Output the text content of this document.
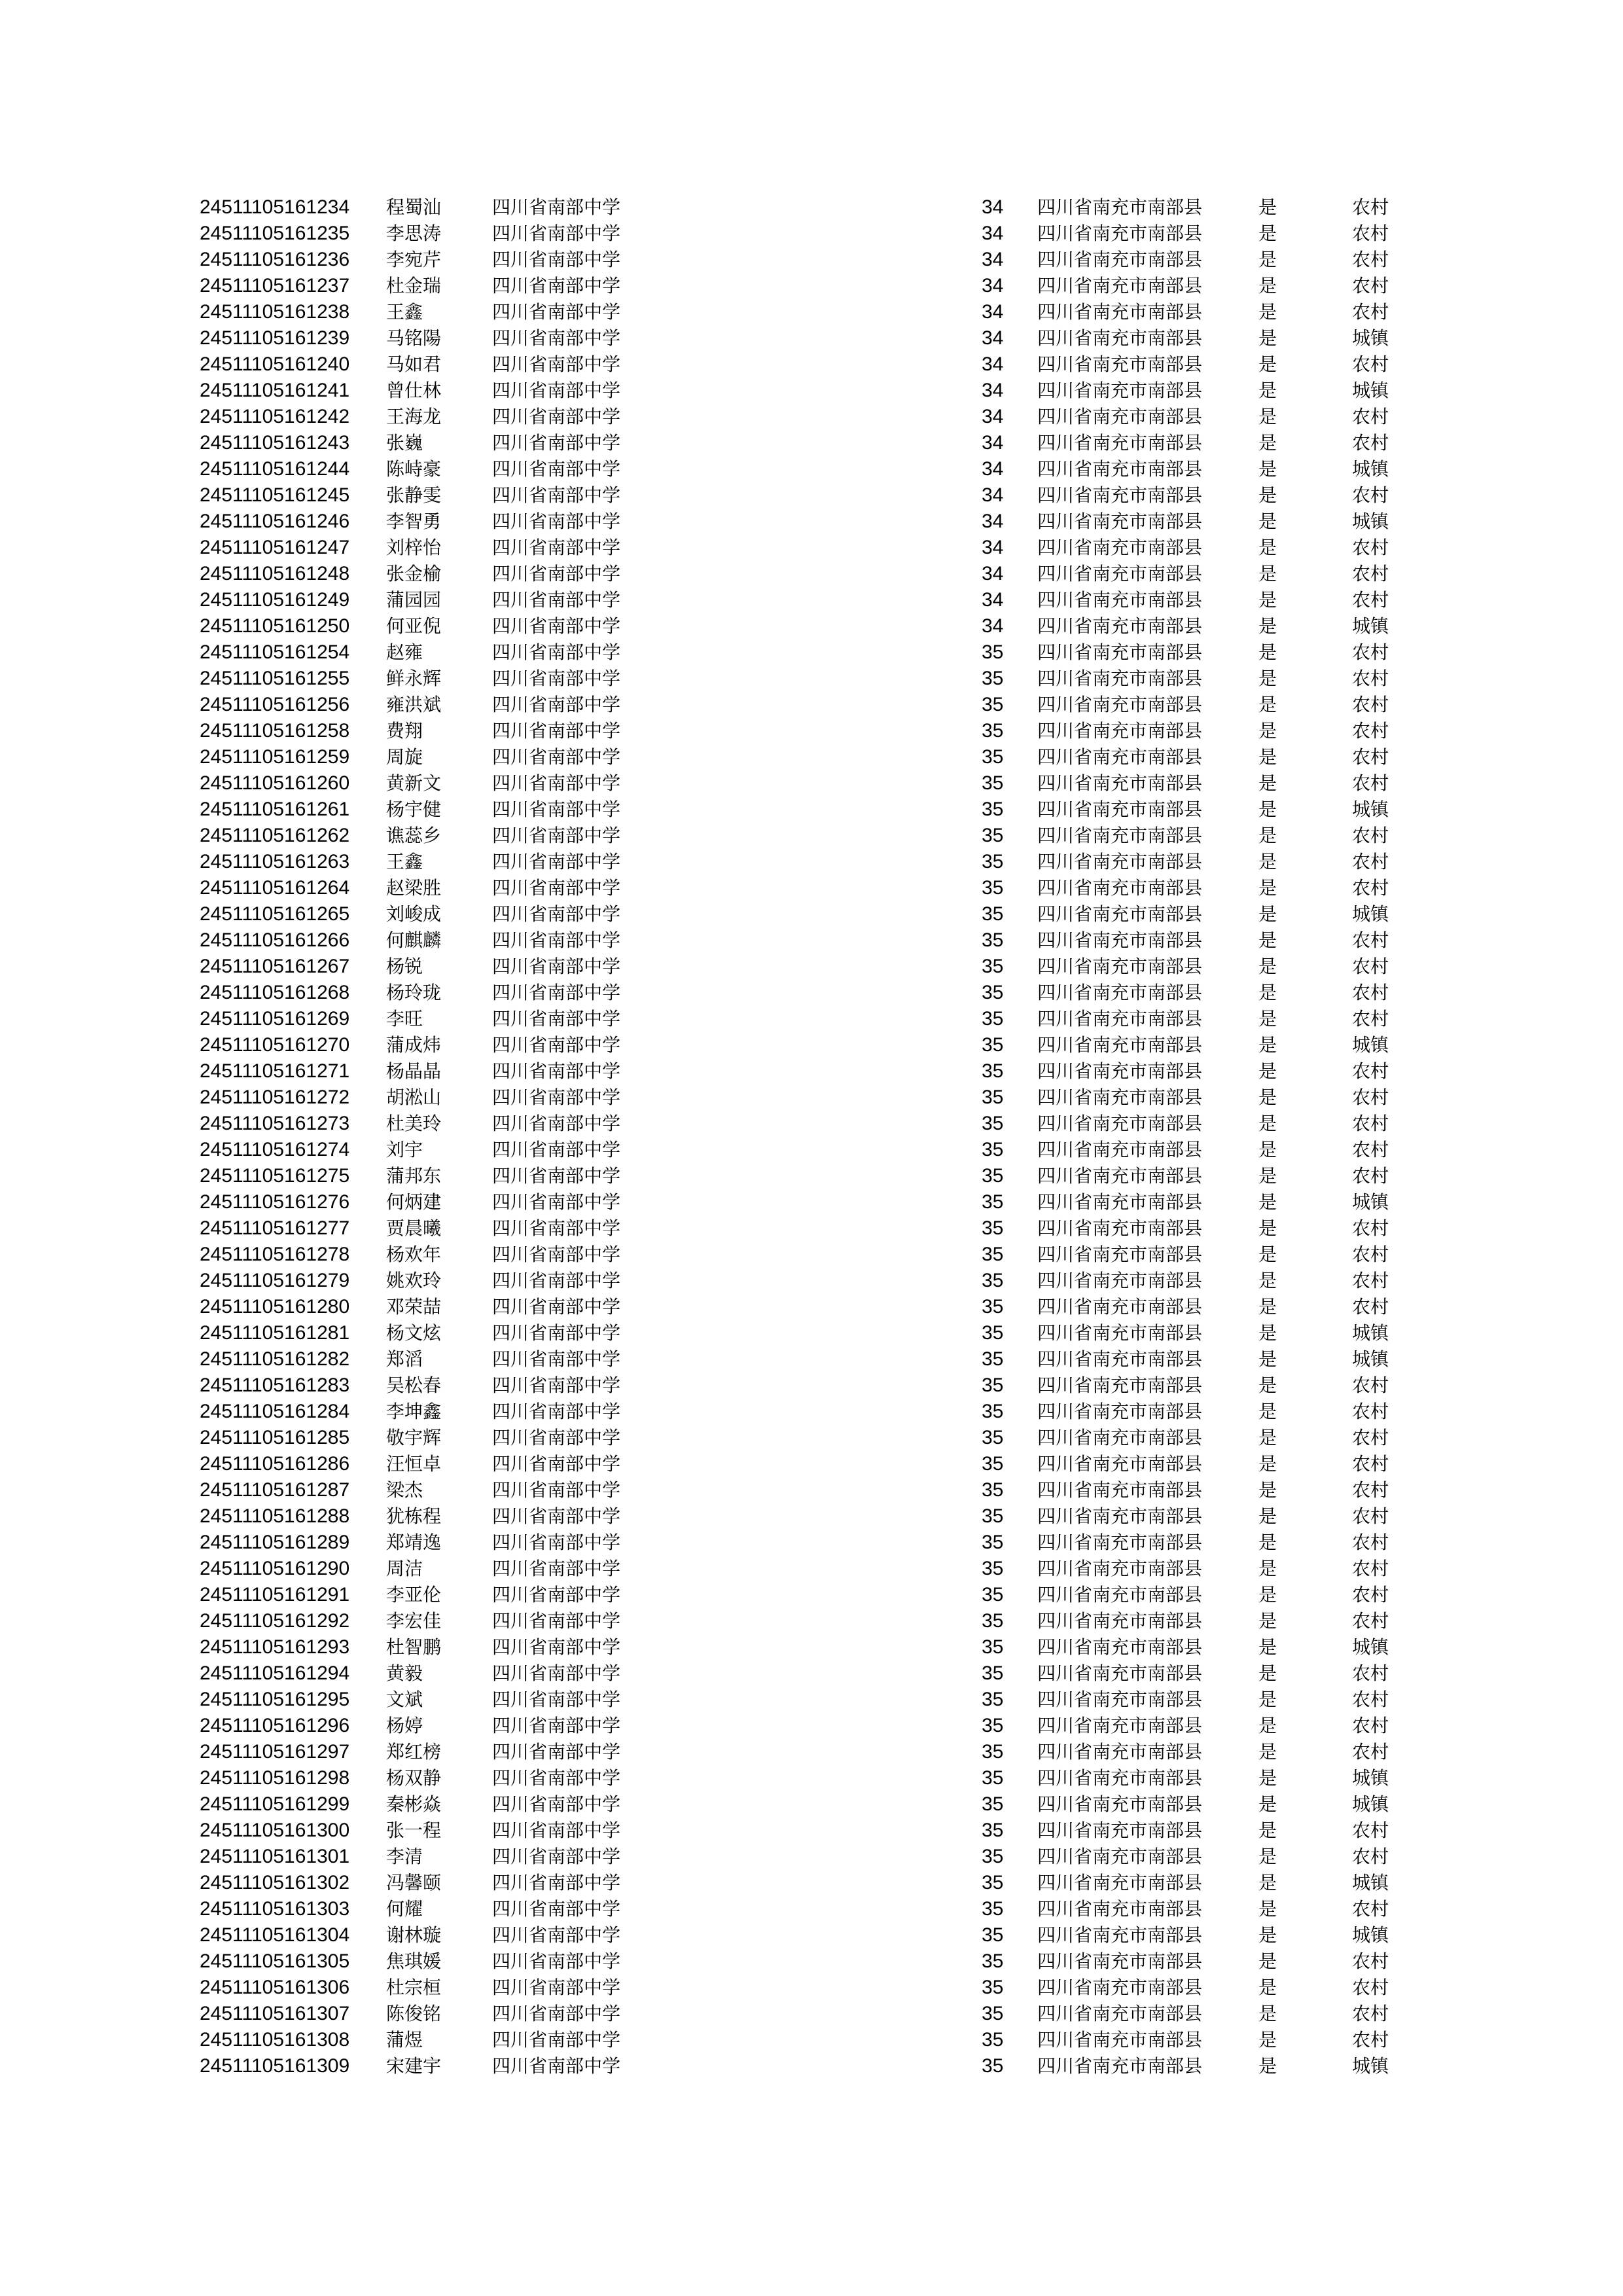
24511105161234 程蜀汕	四川省南部中学	34 四川省南充市南部县	是	农村
24511105161235 李思涛	四川省南部中学	34 四川省南充市南部县	是	农村
24511105161236 李宛芹	四川省南部中学	34 四川省南充市南部县	是	农村
24511105161237 杜金瑞	四川省南部中学	34 四川省南充市南部县	是	农村
24511105161238 王鑫	四川省南部中学	34 四川省南充市南部县	是	农村
24511105161239 马铭陽	四川省南部中学	34 四川省南充市南部县	是	城镇
24511105161240 马如君	四川省南部中学	34 四川省南充市南部县	是	农村
24511105161241 曾仕林	四川省南部中学	34 四川省南充市南部县	是	城镇
24511105161242 王海龙	四川省南部中学	34 四川省南充市南部县	是	农村
24511105161243 张巍	四川省南部中学	34 四川省南充市南部县	是	农村
24511105161244 陈峙豪	四川省南部中学	34 四川省南充市南部县	是	城镇
24511105161245 张静雯	四川省南部中学	34 四川省南充市南部县	是	农村
24511105161246 李智勇	四川省南部中学	34 四川省南充市南部县	是	城镇
24511105161247 刘梓怡	四川省南部中学	34 四川省南充市南部县	是	农村
24511105161248 张金榆	四川省南部中学	34 四川省南充市南部县	是	农村
24511105161249 蒲园园	四川省南部中学	34 四川省南充市南部县	是	农村
24511105161250 何亚倪	四川省南部中学	34 四川省南充市南部县	是	城镇
24511105161254 赵雍	四川省南部中学	35 四川省南充市南部县	是	农村
24511105161255 鲜永辉	四川省南部中学	35 四川省南充市南部县	是	农村
24511105161256 雍洪斌	四川省南部中学	35 四川省南充市南部县	是	农村
24511105161258 费翔	四川省南部中学	35 四川省南充市南部县	是	农村
24511105161259 周旋	四川省南部中学	35 四川省南充市南部县	是	农村
24511105161260 黄新文	四川省南部中学	35 四川省南充市南部县	是	农村
24511105161261 杨宇健	四川省南部中学	35 四川省南充市南部县	是	城镇
24511105161262 谯蕊乡	四川省南部中学	35 四川省南充市南部县	是	农村
24511105161263 王鑫	四川省南部中学	35 四川省南充市南部县	是	农村
24511105161264 赵梁胜	四川省南部中学	35 四川省南充市南部县	是	农村
24511105161265 刘峻成	四川省南部中学	35 四川省南充市南部县	是	城镇
24511105161266 何麒麟	四川省南部中学	35 四川省南充市南部县	是	农村
24511105161267 杨锐	四川省南部中学	35 四川省南充市南部县	是	农村
24511105161268 杨玲珑	四川省南部中学	35 四川省南充市南部县	是	农村
24511105161269 李旺	四川省南部中学	35 四川省南充市南部县	是	农村
24511105161270 蒲成炜	四川省南部中学	35 四川省南充市南部县	是	城镇
24511105161271 杨晶晶	四川省南部中学	35 四川省南充市南部县	是	农村
24511105161272 胡淞山	四川省南部中学	35 四川省南充市南部县	是	农村
24511105161273 杜美玲	四川省南部中学	35 四川省南充市南部县	是	农村
24511105161274 刘宇	四川省南部中学	35 四川省南充市南部县	是	农村
24511105161275 蒲邦东	四川省南部中学	35 四川省南充市南部县	是	农村
24511105161276 何炳建	四川省南部中学	35 四川省南充市南部县	是	城镇
24511105161277 贾晨曦	四川省南部中学	35 四川省南充市南部县	是	农村
24511105161278 杨欢年	四川省南部中学	35 四川省南充市南部县	是	农村
24511105161279 姚欢玲	四川省南部中学	35 四川省南充市南部县	是	农村
24511105161280 邓荣喆	四川省南部中学	35 四川省南充市南部县	是	农村
24511105161281 杨文炫	四川省南部中学	35 四川省南充市南部县	是	城镇
24511105161282 郑滔	四川省南部中学	35 四川省南充市南部县	是	城镇
24511105161283 吴松春	四川省南部中学	35 四川省南充市南部县	是	农村
24511105161284 李坤鑫	四川省南部中学	35 四川省南充市南部县	是	农村
24511105161285 敬宇辉	四川省南部中学	35 四川省南充市南部县	是	农村
24511105161286 汪恒卓	四川省南部中学	35 四川省南充市南部县	是	农村
24511105161287 梁杰	四川省南部中学	35 四川省南充市南部县	是	农村
24511105161288 犹栋程	四川省南部中学	35 四川省南充市南部县	是	农村
24511105161289 郑靖逸	四川省南部中学	35 四川省南充市南部县	是	农村
24511105161290 周洁	四川省南部中学	35 四川省南充市南部县	是	农村
24511105161291 李亚伦	四川省南部中学	35 四川省南充市南部县	是	农村
24511105161292 李宏佳	四川省南部中学	35 四川省南充市南部县	是	农村
24511105161293 杜智鹏	四川省南部中学	35 四川省南充市南部县	是	城镇
24511105161294 黄毅	四川省南部中学	35 四川省南充市南部县	是	农村
24511105161295 文斌	四川省南部中学	35 四川省南充市南部县	是	农村
24511105161296 杨婷	四川省南部中学	35 四川省南充市南部县	是	农村
24511105161297 郑红榜	四川省南部中学	35 四川省南充市南部县	是	农村
24511105161298 杨双静	四川省南部中学	35 四川省南充市南部县	是	城镇
24511105161299 秦彬焱	四川省南部中学	35 四川省南充市南部县	是	城镇
24511105161300 张一程	四川省南部中学	35 四川省南充市南部县	是	农村
24511105161301 李清	四川省南部中学	35 四川省南充市南部县	是	农村
24511105161302 冯馨颐	四川省南部中学	35 四川省南充市南部县	是	城镇
24511105161303 何耀	四川省南部中学	35 四川省南充市南部县	是	农村
24511105161304 谢林璇	四川省南部中学	35 四川省南充市南部县	是	城镇
24511105161305 焦琪媛	四川省南部中学	35 四川省南充市南部县	是	农村
24511105161306 杜宗桓	四川省南部中学	35 四川省南充市南部县	是	农村
24511105161307 陈俊铭	四川省南部中学	35 四川省南充市南部县	是	农村
24511105161308 蒲煜	四川省南部中学	35 四川省南充市南部县	是	农村
24511105161309 宋建宇	四川省南部中学	35 四川省南充市南部县	是	城镇
